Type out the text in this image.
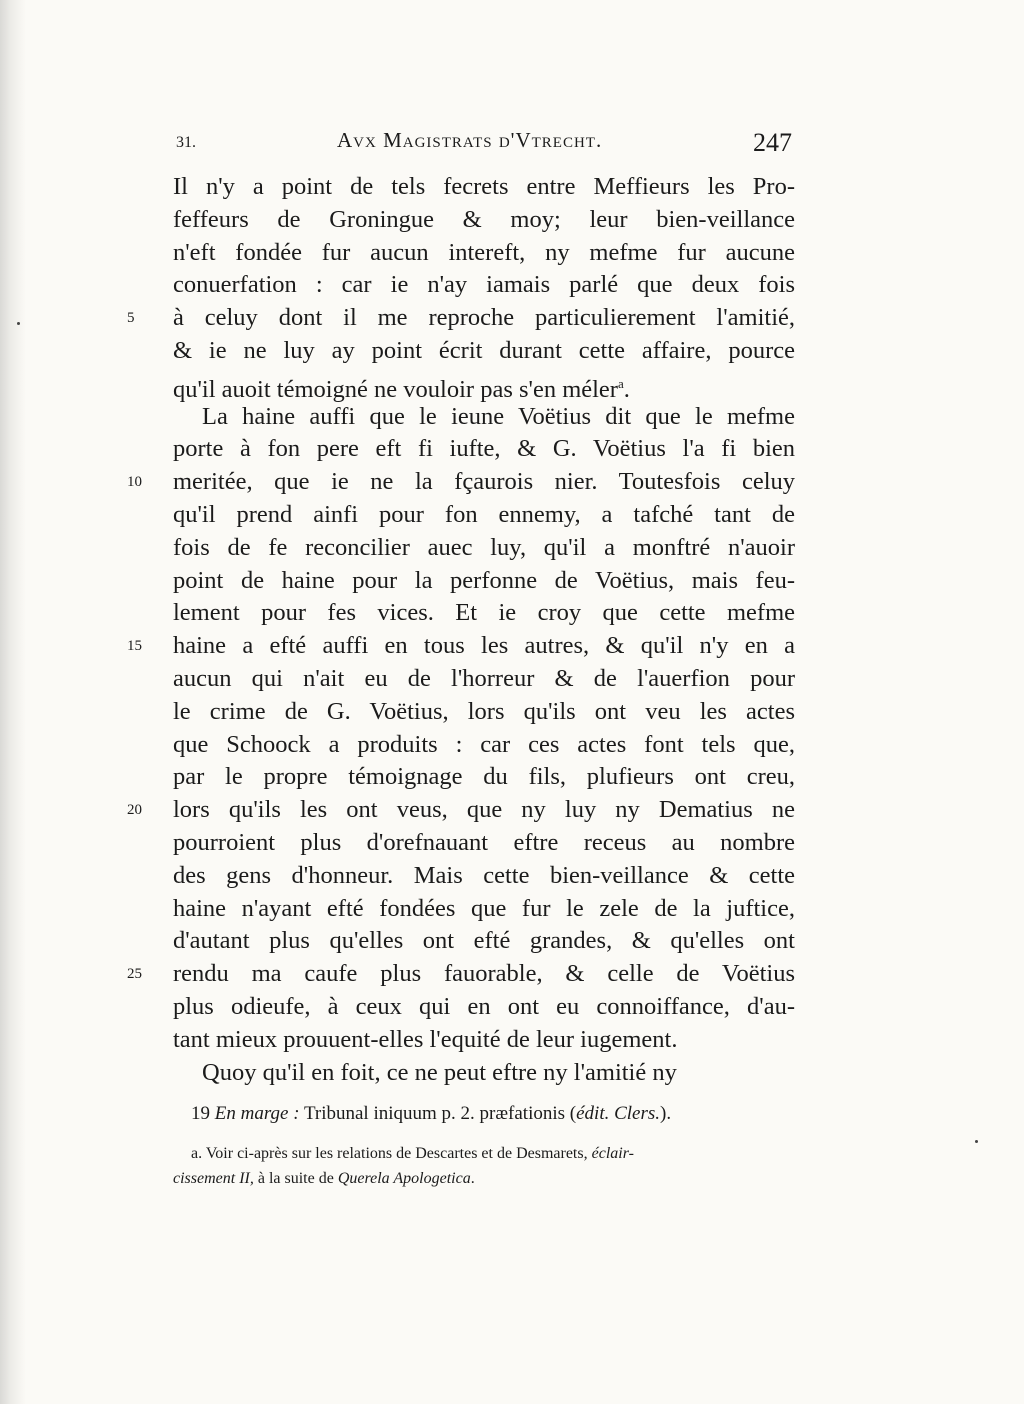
31.	Avx Magistrats d'Vtrecht.	247
Il n'y a point de tels fecrets entre Meffieurs les Pro-
feffeurs de Groningue & moy; leur bien-veillance
n'eft fondée fur aucun intereft, ny mefme fur aucune
conuerfation : car ie n'ay iamais parlé que deux fois
5	à celuy dont il me reproche particulierement l'amitié,
& ie ne luy ay point écrit durant cette affaire, pource
qu'il auoit témoigné ne vouloir pas s'en méler$^a$.
La haine auffi que le ieune Voëtius dit que le mefme
porte à fon pere eft fi iufte, & G. Voëtius l'a fi bien
10 meritée, que ie ne la fçaurois nier. Toutesfois celuy
qu'il prend ainfi pour fon ennemy, a tafché tant de
fois de fe reconcilier auec luy, qu'il a monftré n'auoir
point de haine pour la perfonne de Voëtius, mais feu-
lement pour fes vices. Et ie croy que cette mefme
15 haine a efté auffi en tous les autres, & qu'il n'y en a
aucun qui n'ait eu de l'horreur & de l'auerfion pour
le crime de G. Voëtius, lors qu'ils ont veu les actes
que Schoock a produits : car ces actes font tels que,
par le propre témoignage du fils, plufieurs ont creu,
20 lors qu'ils les ont veus, que ny luy ny Dematius ne
pourroient plus d'orefnauant eftre receus au nombre
des gens d'honneur. Mais cette bien-veillance & cette
haine n'ayant efté fondées que fur le zele de la juftice,
d'autant plus qu'elles ont efté grandes, & qu'elles ont
25 rendu ma caufe plus fauorable, & celle de Voëtius
plus odieufe, à ceux qui en ont eu connoiffance, d'au-
tant mieux prouuent-elles l'equité de leur iugement.
Quoy qu'il en foit, ce ne peut eftre ny l'amitié ny
19 En marge : Tribunal iniquum p. 2. præfationis (édit. Clers.).
a. Voir ci-après sur les relations de Descartes et de Desmarets, éclair-
cissement II, à la suite de Querela Apologetica.
